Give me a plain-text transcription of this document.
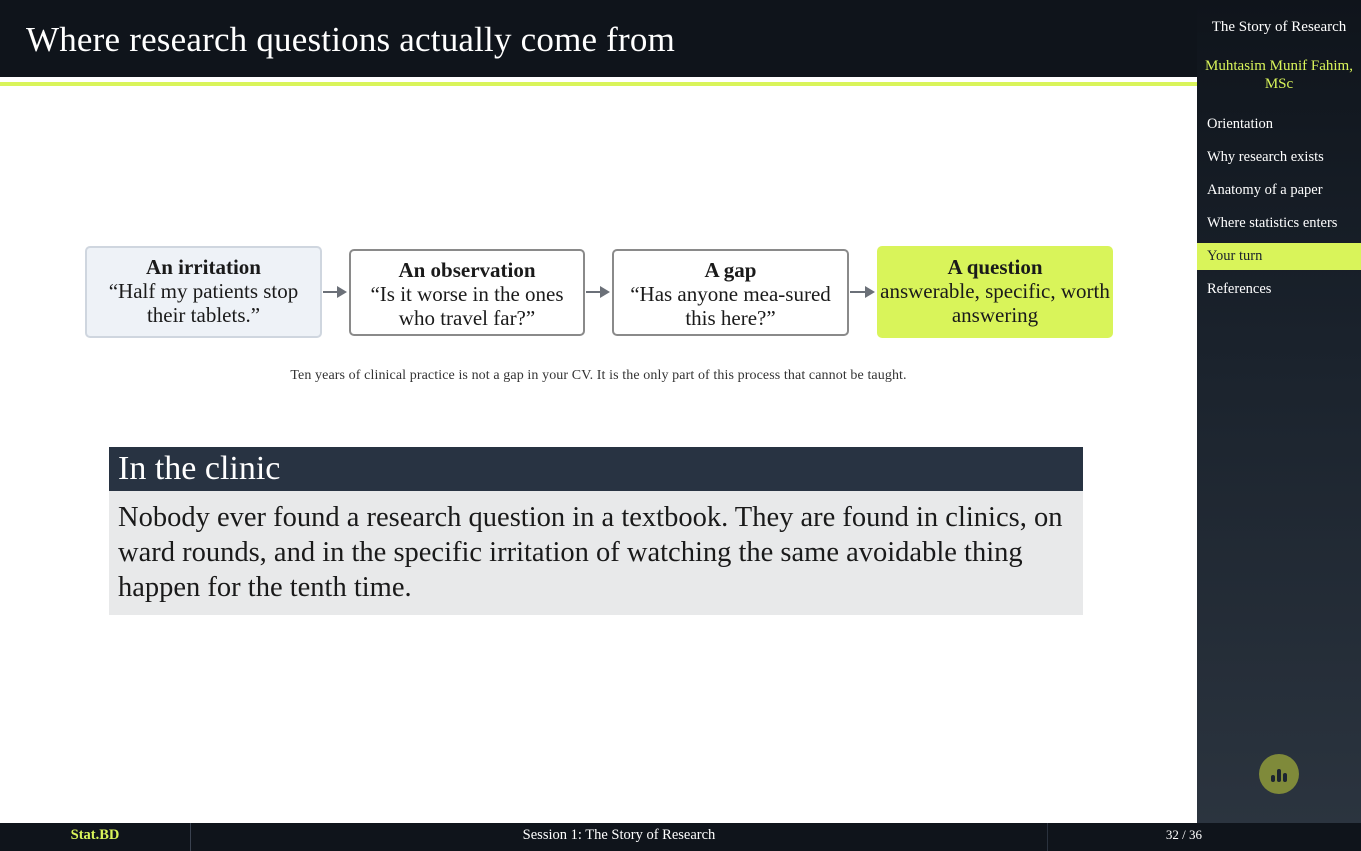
Where research questions actually come from
An irritation
“Half my patients stop their tablets.”
An observation
“Is it worse in the ones who travel far?”
A gap
“Has anyone mea-sured this here?”
A question
answerable, specific, worth answering
Ten years of clinical practice is not a gap in your CV. It is the only part of this process that cannot be taught.
In the clinic
Nobody ever found a research question in a textbook. They are found in clinics, on ward rounds, and in the specific irritation of watching the same avoidable thing happen for the tenth time.
The Story of Research
Muhtasim Munif Fahim, MSc
Orientation
Why research exists
Anatomy of a paper
Where statistics enters
Your turn
References
Stat.BD	Session 1: The Story of Research	32 / 36
